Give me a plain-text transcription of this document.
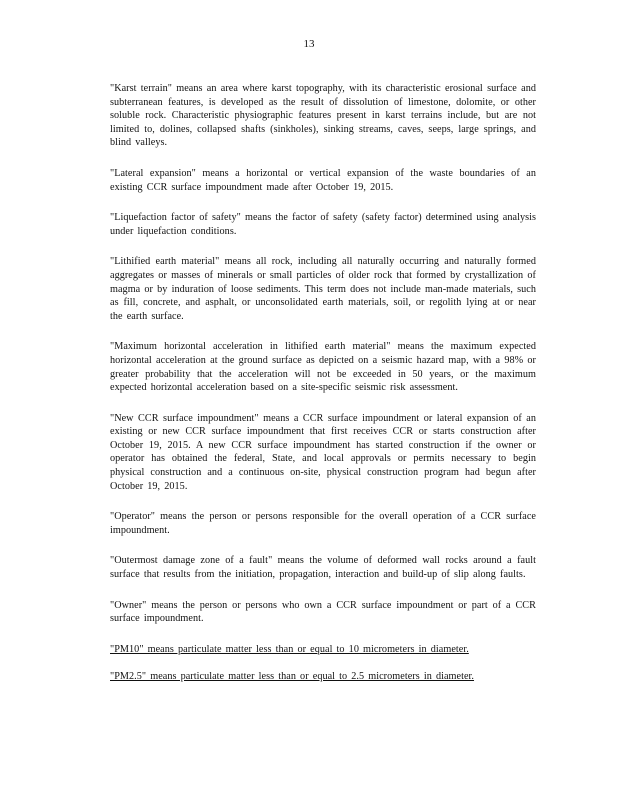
13

"Karst terrain" means an area where karst topography, with its characteristic erosional surface and subterranean features, is developed as the result of dissolution of limestone, dolomite, or other soluble rock. Characteristic physiographic features present in karst terrains include, but are not limited to, dolines, collapsed shafts (sinkholes), sinking streams, caves, seeps, large springs, and blind valleys.

"Lateral expansion" means a horizontal or vertical expansion of the waste boundaries of an existing CCR surface impoundment made after October 19, 2015.

"Liquefaction factor of safety" means the factor of safety (safety factor) determined using analysis under liquefaction conditions.

"Lithified earth material" means all rock, including all naturally occurring and naturally formed aggregates or masses of minerals or small particles of older rock that formed by crystallization of magma or by induration of loose sediments. This term does not include man-made materials, such as fill, concrete, and asphalt, or unconsolidated earth materials, soil, or regolith lying at or near the earth surface.

"Maximum horizontal acceleration in lithified earth material" means the maximum expected horizontal acceleration at the ground surface as depicted on a seismic hazard map, with a 98% or greater probability that the acceleration will not be exceeded in 50 years, or the maximum expected horizontal acceleration based on a site-specific seismic risk assessment.

"New CCR surface impoundment" means a CCR surface impoundment or lateral expansion of an existing or new CCR surface impoundment that first receives CCR or starts construction after October 19, 2015. A new CCR surface impoundment has started construction if the owner or operator has obtained the federal, State, and local approvals or permits necessary to begin physical construction and a continuous on-site, physical construction program had begun after October 19, 2015.

"Operator" means the person or persons responsible for the overall operation of a CCR surface impoundment.

"Outermost damage zone of a fault" means the volume of deformed wall rocks around a fault surface that results from the initiation, propagation, interaction and build-up of slip along faults.

"Owner" means the person or persons who own a CCR surface impoundment or part of a CCR surface impoundment.

"PM10" means particulate matter less than or equal to 10 micrometers in diameter.

"PM2.5" means particulate matter less than or equal to 2.5 micrometers in diameter.
